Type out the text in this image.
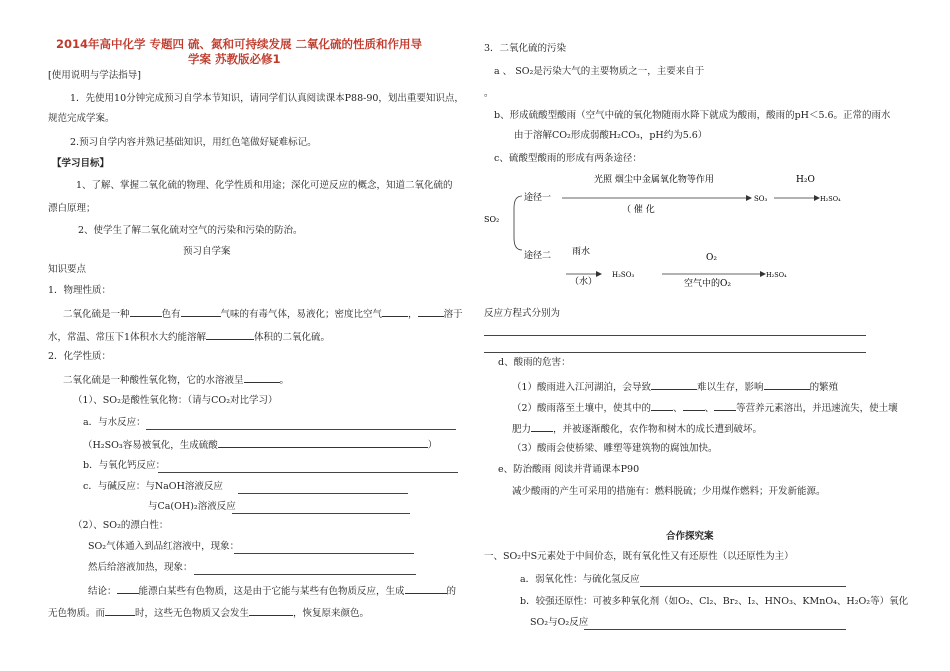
2014年高中化学 专题四 硫、氮和可持续发展 二氧化硫的性质和作用导
学案 苏教版必修1
[使用说明与学法指导]
1．先使用10分钟完成预习自学本节知识，请同学们认真阅读课本P88-90，划出重要知识点，
规范完成学案。
2.预习自学内容并熟记基础知识，用红色笔做好疑难标记。
【学习目标】
1、了解、掌握二氧化硫的物理、化学性质和用途；深化可逆反应的概念，知道二氧化硫的
漂白原理；
2、使学生了解二氧化硫对空气的污染和污染的防治。
预习自学案
知识要点
1．物理性质：
二氧化硫是一种	色有	气味的有毒气体，易液化；密度比空气	，	溶于
水，常温、常压下1体积水大约能溶解	体积的二氧化硫。
2．化学性质：
二氧化硫是一种酸性氧化物，它的水溶液呈	。
（1）、SO₂是酸性氧化物：（请与CO₂对比学习）
a．与水反应：
（H₂SO₃容易被氧化，生成硫酸	）
b．与氧化钙反应：
c．与碱反应：与NaOH溶液反应
与Ca(OH)₂溶液反应
（2）、SO₂的漂白性：
SO₂气体通入到品红溶液中，现象：
然后给溶液加热，现象：
结论： 能漂白某些有色物质，这是由于它能与某些有色物质反应，生成	的
无色物质。而	时，这些无色物质又会发生	，恢复原来颜色。
3．二氧化硫的污染
a 、 SO₂是污染大气的主要物质之一，主要来自于
。
b、形成硫酸型酸雨（空气中硫的氧化物随雨水降下就成为酸雨，酸雨的pH＜5.6。正常的雨水
由于溶解CO₂形成弱酸H₂CO₃，pH约为5.6）
c、硫酸型酸雨的形成有两条途径：
SO₂
途径一
光照 烟尘中金属氧化物等作用
（ 催 化
SO₃
H₂O
H₂SO₄
途径二 雨水
（水）
H₂SO₃
O₂
空气中的O₂
H₂SO₄
反应方程式分别为
d、酸雨的危害：
（1）酸雨进入江河湖泊，会导致	难以生存，影响	的繁殖
（2）酸雨落至土壤中，使其中的 、 、 等营养元素溶出，并迅速流失，使土壤
肥力 ，并被逐渐酸化，农作物和树木的成长遭到破坏。
（3）酸雨会使桥梁、雕塑等建筑物的腐蚀加快。
e、防治酸雨 阅读并背诵课本P90
减少酸雨的产生可采用的措施有：燃料脱硫；少用煤作燃料；开发新能源。
合作探究案
一、SO₂中S元素处于中间价态，既有氧化性又有还原性（以还原性为主）
a．弱氧化性：与硫化氢反应
b．较强还原性：可被多种氧化剂（如O₂、Cl₂、Br₂、I₂、HNO₃、KMnO₄、H₂O₂等）氧化
SO₂与O₂反应
